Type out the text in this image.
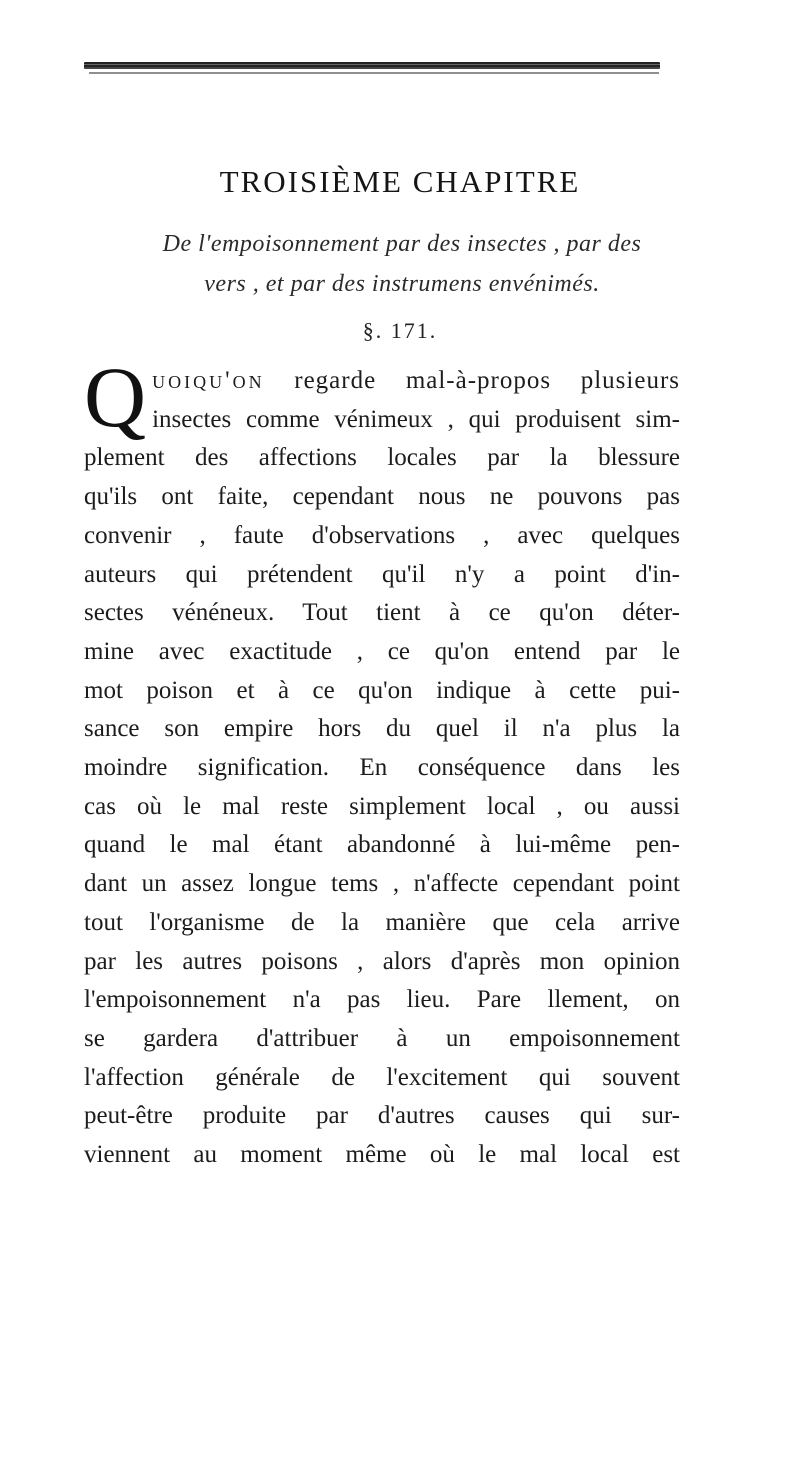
TROISIÈME CHAPITRE
De l'empoisonnement par des insectes , par des
vers , et par des instrumens envénimés.
§. 171.
Q uoiqu'on regarde mal-à-propos plusieurs
insectes comme vénimeux , qui produisent sim-
plement des affections locales par la blessure
qu'ils ont faite, cependant nous ne pouvons pas
convenir , faute d'observations , avec quelques
auteurs qui prétendent qu'il n'y a point d'in-
sectes vénéneux. Tout tient à ce qu'on déter-
mine avec exactitude , ce qu'on entend par le
mot poison et à ce qu'on indique à cette pui-
sance son empire hors du quel il n'a plus la
moindre signification. En conséquence dans les
cas où le mal reste simplement local , ou aussi
quand le mal étant abandonné à lui-même pen-
dant un assez longue tems , n'affecte cependant point
tout l'organisme de la manière que cela arrive
par les autres poisons , alors d'après mon opinion
l'empoisonnement n'a pas lieu. Pare llement, on
se gardera d'attribuer à un empoisonnement
l'affection générale de l'excitement qui souvent
peut-être produite par d'autres causes qui sur-
viennent au moment même où le mal local est
